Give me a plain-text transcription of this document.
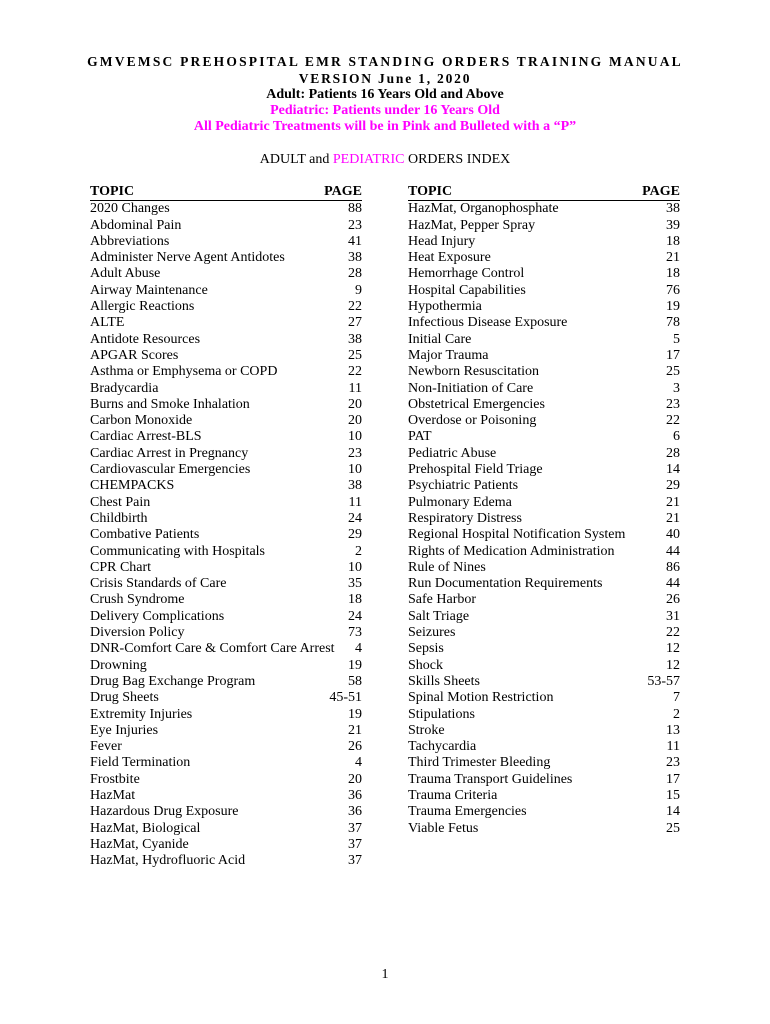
GMVEMSC PREHOSPITAL EMR STANDING ORDERS TRAINING MANUAL
VERSION June 1, 2020
Adult: Patients 16 Years Old and Above
Pediatric: Patients under 16 Years Old
All Pediatric Treatments will be in Pink and Bulleted with a “P”
ADULT and PEDIATRIC ORDERS INDEX
TOPIC	PAGE
2020 Changes	88
Abdominal Pain	23
Abbreviations	41
Administer Nerve Agent Antidotes	38
Adult Abuse	28
Airway Maintenance	9
Allergic Reactions	22
ALTE	27
Antidote Resources	38
APGAR Scores	25
Asthma or Emphysema or COPD	22
Bradycardia	11
Burns and Smoke Inhalation	20
Carbon Monoxide	20
Cardiac Arrest-BLS	10
Cardiac Arrest in Pregnancy	23
Cardiovascular Emergencies	10
CHEMPACKS	38
Chest Pain	11
Childbirth	24
Combative Patients	29
Communicating with Hospitals	2
CPR Chart	10
Crisis Standards of Care	35
Crush Syndrome	18
Delivery Complications	24
Diversion Policy	73
DNR-Comfort Care & Comfort Care Arrest 4
Drowning	19
Drug Bag Exchange Program	58
Drug Sheets	45-51
Extremity Injuries	19
Eye Injuries	21
Fever	26
Field Termination	4
Frostbite	20
HazMat	36
Hazardous Drug Exposure	36
HazMat, Biological	37
HazMat, Cyanide	37
HazMat, Hydrofluoric Acid	37
TOPIC	PAGE
HazMat, Organophosphate	38
HazMat, Pepper Spray	39
Head Injury	18
Heat Exposure	21
Hemorrhage Control	18
Hospital Capabilities	76
Hypothermia	19
Infectious Disease Exposure	78
Initial Care	5
Major Trauma	17
Newborn Resuscitation	25
Non-Initiation of Care	3
Obstetrical Emergencies	23
Overdose or Poisoning	22
PAT	6
Pediatric Abuse	28
Prehospital Field Triage	14
Psychiatric Patients	29
Pulmonary Edema	21
Respiratory Distress	21
Regional Hospital Notification System	40
Rights of Medication Administration	44
Rule of Nines	86
Run Documentation Requirements	44
Safe Harbor	26
Salt Triage	31
Seizures	22
Sepsis	12
Shock	12
Skills Sheets	53-57
Spinal Motion Restriction	7
Stipulations	2
Stroke	13
Tachycardia	11
Third Trimester Bleeding	23
Trauma Transport Guidelines	17
Trauma Criteria	15
Trauma Emergencies	14
Viable Fetus	25
1
